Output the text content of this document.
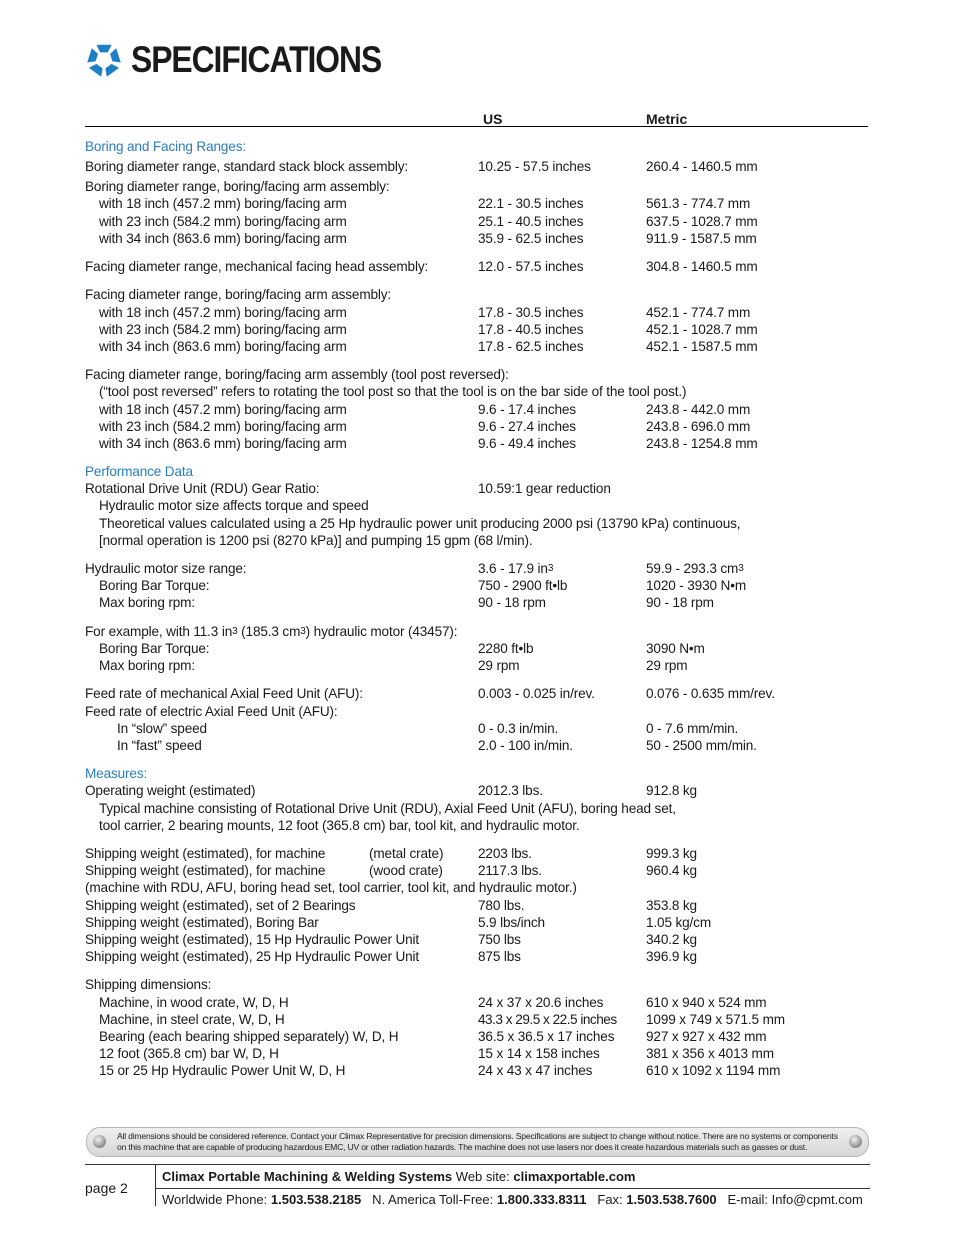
SPECIFICATIONS
US	Metric
Boring and Facing Ranges:
Boring diameter range, standard stack block assembly:	10.25 - 57.5 inches	260.4 - 1460.5 mm
Boring diameter range, boring/facing arm assembly:
with 18 inch (457.2 mm) boring/facing arm	22.1 - 30.5 inches	561.3 - 774.7 mm
with 23 inch (584.2 mm) boring/facing arm	25.1 - 40.5 inches	637.5 - 1028.7 mm
with 34 inch (863.6 mm) boring/facing arm	35.9 - 62.5 inches	911.9 - 1587.5 mm
Facing diameter range, mechanical facing head assembly:	12.0 - 57.5 inches	304.8 - 1460.5 mm
Facing diameter range, boring/facing arm assembly:
with 18 inch (457.2 mm) boring/facing arm	17.8 - 30.5 inches	452.1 - 774.7 mm
with 23 inch (584.2 mm) boring/facing arm	17.8 - 40.5 inches	452.1 - 1028.7 mm
with 34 inch (863.6 mm) boring/facing arm	17.8 - 62.5 inches	452.1 - 1587.5 mm
Facing diameter range, boring/facing arm assembly (tool post reversed):
(“tool post reversed” refers to rotating the tool post so that the tool is on the bar side of the tool post.)
with 18 inch (457.2 mm) boring/facing arm	9.6 - 17.4 inches	243.8 - 442.0 mm
with 23 inch (584.2 mm) boring/facing arm	9.6 - 27.4 inches	243.8 - 696.0 mm
with 34 inch (863.6 mm) boring/facing arm	9.6 - 49.4 inches	243.8 - 1254.8 mm
Performance Data
Rotational Drive Unit (RDU) Gear Ratio:	10.59:1 gear reduction
Hydraulic motor size affects torque and speed
Theoretical values calculated using a 25 Hp hydraulic power unit producing 2000 psi (13790 kPa) continuous,
[normal operation is 1200 psi (8270 kPa)] and pumping 15 gpm (68 l/min).
Hydraulic motor size range:	3.6 - 17.9 $in^3$	59.9 - 293.3 $cm^3$
Boring Bar Torque:	750 - 2900 ft•lb	1020 - 3930 N•m
Max boring rpm:	90 - 18 rpm	90 - 18 rpm
For example, with 11.3 $in^3$ (185.3 $cm^3$) hydraulic motor (43457):
Boring Bar Torque:	2280 ft•lb	3090 N•m
Max boring rpm:	29 rpm	29 rpm
Feed rate of mechanical Axial Feed Unit (AFU):	0.003 - 0.025 in/rev.	0.076 - 0.635 mm/rev.
Feed rate of electric Axial Feed Unit (AFU):
In “slow” speed	0 - 0.3 in/min.	0 - 7.6 mm/min.
In “fast” speed	2.0 - 100 in/min.	50 - 2500 mm/min.
Measures:
Operating weight (estimated)	2012.3 lbs.	912.8 kg
Typical machine consisting of Rotational Drive Unit (RDU), Axial Feed Unit (AFU), boring head set,
tool carrier, 2 bearing mounts, 12 foot (365.8 cm) bar, tool kit, and hydraulic motor.
Shipping weight (estimated), for machine	(metal crate)	2203 lbs.	999.3 kg
Shipping weight (estimated), for machine	(wood crate)	2117.3 lbs.	960.4 kg
(machine with RDU, AFU, boring head set, tool carrier, tool kit, and hydraulic motor.)
Shipping weight (estimated), set of 2 Bearings	780 lbs.	353.8 kg
Shipping weight (estimated), Boring Bar	5.9 lbs/inch	1.05 kg/cm
Shipping weight (estimated), 15 Hp Hydraulic Power Unit	750 lbs	340.2 kg
Shipping weight (estimated), 25 Hp Hydraulic Power Unit	875 lbs	396.9 kg
Shipping dimensions:
Machine, in wood crate, W, D, H	24 x 37 x 20.6 inches	610 x 940 x 524 mm
Machine, in steel crate, W, D, H	43.3 x 29.5 x 22.5 inches 1099 x 749 x 571.5 mm
Bearing (each bearing shipped separately) W, D, H	36.5 x 36.5 x 17 inches 927 x 927 x 432 mm
12 foot (365.8 cm) bar W, D, H	15 x 14 x 158 inches	381 x 356 x 4013 mm
15 or 25 Hp Hydraulic Power Unit W, D, H	24 x 43 x 47 inches	610 x 1092 x 1194 mm
All dimensions should be considered reference. Contact your Climax Representative for precision dimensions. Specifications are subject to change without notice. There are no systems or components
on this machine that are capable of producing hazardous EMC, UV or other radiation hazards. The machine does not use lasers nor does it create hazardous materials such as gasses or dust.
page 2
Climax Portable Machining & Welding Systems Web site: climaxportable.com
Worldwide Phone: 1.503.538.2185 N. America Toll-Free: 1.800.333.8311 Fax: 1.503.538.7600 E-mail: Info@cpmt.com
